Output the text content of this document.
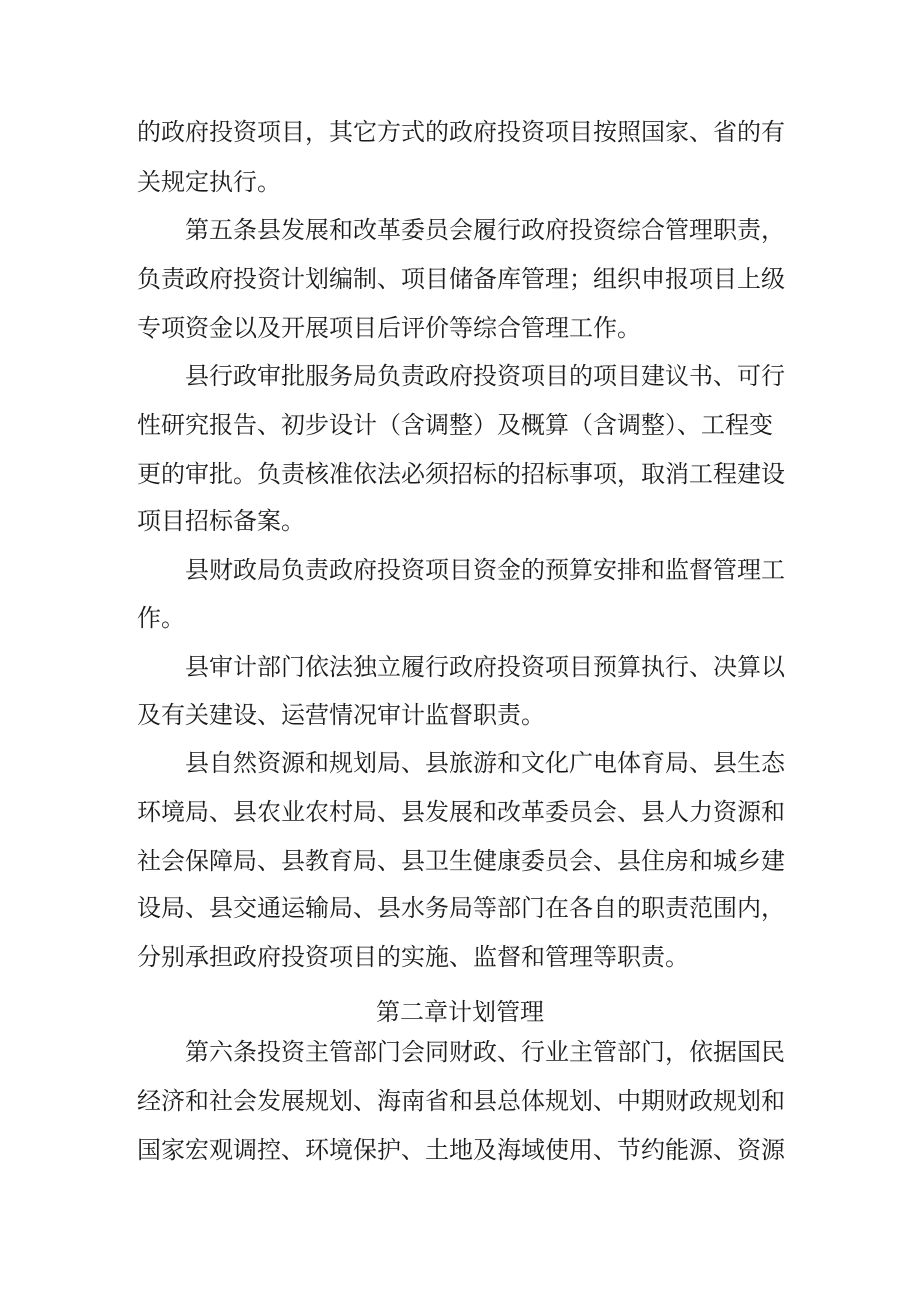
的政府投资项目，其它方式的政府投资项目按照国家、省的有
关规定执行。
第五条县发展和改革委员会履行政府投资综合管理职责，
负责政府投资计划编制、项目储备库管理；组织申报项目上级
专项资金以及开展项目后评价等综合管理工作。
县行政审批服务局负责政府投资项目的项目建议书、可行
性研究报告、初步设计（含调整）及概算（含调整）、工程变
更的审批。负责核准依法必须招标的招标事项，取消工程建设
项目招标备案。
县财政局负责政府投资项目资金的预算安排和监督管理工
作。
县审计部门依法独立履行政府投资项目预算执行、决算以
及有关建设、运营情况审计监督职责。
县自然资源和规划局、县旅游和文化广电体育局、县生态
环境局、县农业农村局、县发展和改革委员会、县人力资源和
社会保障局、县教育局、县卫生健康委员会、县住房和城乡建
设局、县交通运输局、县水务局等部门在各自的职责范围内，
分别承担政府投资项目的实施、监督和管理等职责。
第二章计划管理
第六条投资主管部门会同财政、行业主管部门，依据国民
经济和社会发展规划、海南省和县总体规划、中期财政规划和
国家宏观调控、环境保护、土地及海域使用、节约能源、资源
